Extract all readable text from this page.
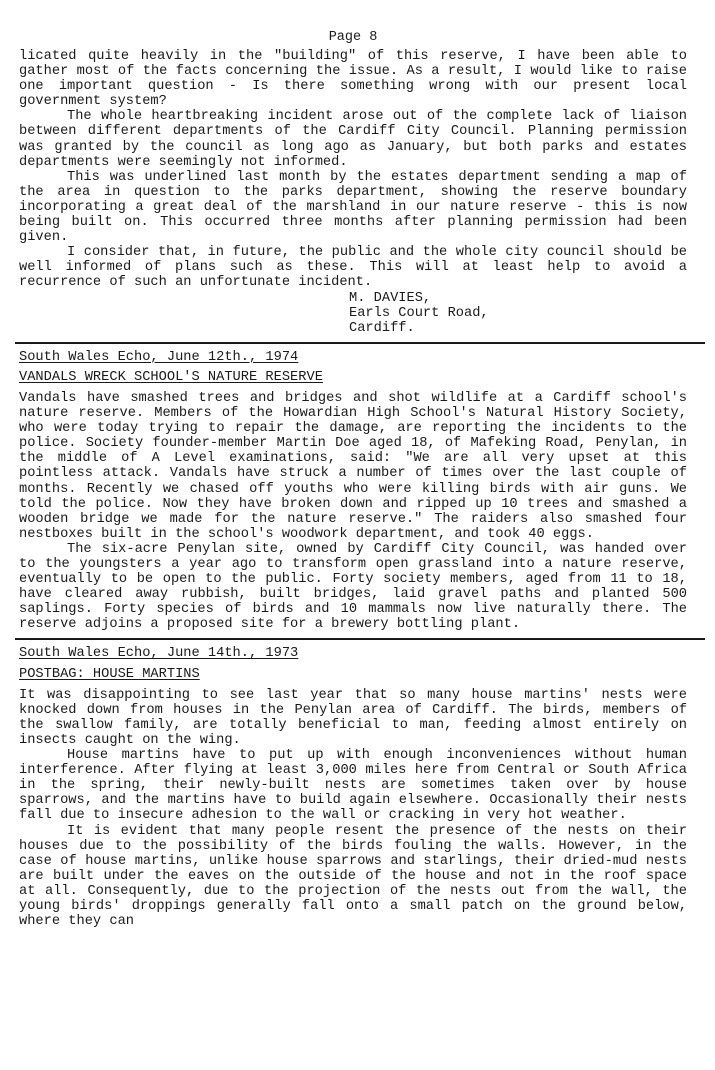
Page 8

licated quite heavily in the "building" of this reserve, I have been able to gather most of the facts concerning the issue. As a result, I would like to raise one important question - Is there something wrong with our present local government system?

The whole heartbreaking incident arose out of the complete lack of liaison between different departments of the Cardiff City Council. Planning permission was granted by the council as long ago as January, but both parks and estates departments were seemingly not informed.

This was underlined last month by the estates department sending a map of the area in question to the parks department, showing the reserve boundary incorporating a great deal of the marshland in our nature reserve - this is now being built on. This occurred three months after planning permission had been given.

I consider that, in future, the public and the whole city council should be well informed of plans such as these. This will at least help to avoid a recurrence of such an unfortunate incident.

M. DAVIES,
Earls Court Road,
Cardiff.

South Wales Echo, June 12th., 1974

VANDALS WRECK SCHOOL'S NATURE RESERVE

Vandals have smashed trees and bridges and shot wildlife at a Cardiff school's nature reserve. Members of the Howardian High School's Natural History Society, who were today trying to repair the damage, are reporting the incidents to the police. Society founder-member Martin Doe aged 18, of Mafeking Road, Penylan, in the middle of A Level examinations, said: "We are all very upset at this pointless attack. Vandals have struck a number of times over the last couple of months. Recently we chased off youths who were killing birds with air guns. We told the police. Now they have broken down and ripped up 10 trees and smashed a wooden bridge we made for the nature reserve." The raiders also smashed four nestboxes built in the school's woodwork department, and took 40 eggs.

The six-acre Penylan site, owned by Cardiff City Council, was handed over to the youngsters a year ago to transform open grassland into a nature reserve, eventually to be open to the public. Forty society members, aged from 11 to 18, have cleared away rubbish, built bridges, laid gravel paths and planted 500 saplings. Forty species of birds and 10 mammals now live naturally there. The reserve adjoins a proposed site for a brewery bottling plant.

South Wales Echo, June 14th., 1973

POSTBAG: HOUSE MARTINS

It was disappointing to see last year that so many house martins' nests were knocked down from houses in the Penylan area of Cardiff. The birds, members of the swallow family, are totally beneficial to man, feeding almost entirely on insects caught on the wing.

House martins have to put up with enough inconveniences without human interference. After flying at least 3,000 miles here from Central or South Africa in the spring, their newly-built nests are sometimes taken over by house sparrows, and the martins have to build again elsewhere. Occasionally their nests fall due to insecure adhesion to the wall or cracking in very hot weather.

It is evident that many people resent the presence of the nests on their houses due to the possibility of the birds fouling the walls. However, in the case of house martins, unlike house sparrows and starlings, their dried-mud nests are built under the eaves on the outside of the house and not in the roof space at all. Consequently, due to the projection of the nests out from the wall, the young birds' droppings generally fall onto a small patch on the ground below, where they can
